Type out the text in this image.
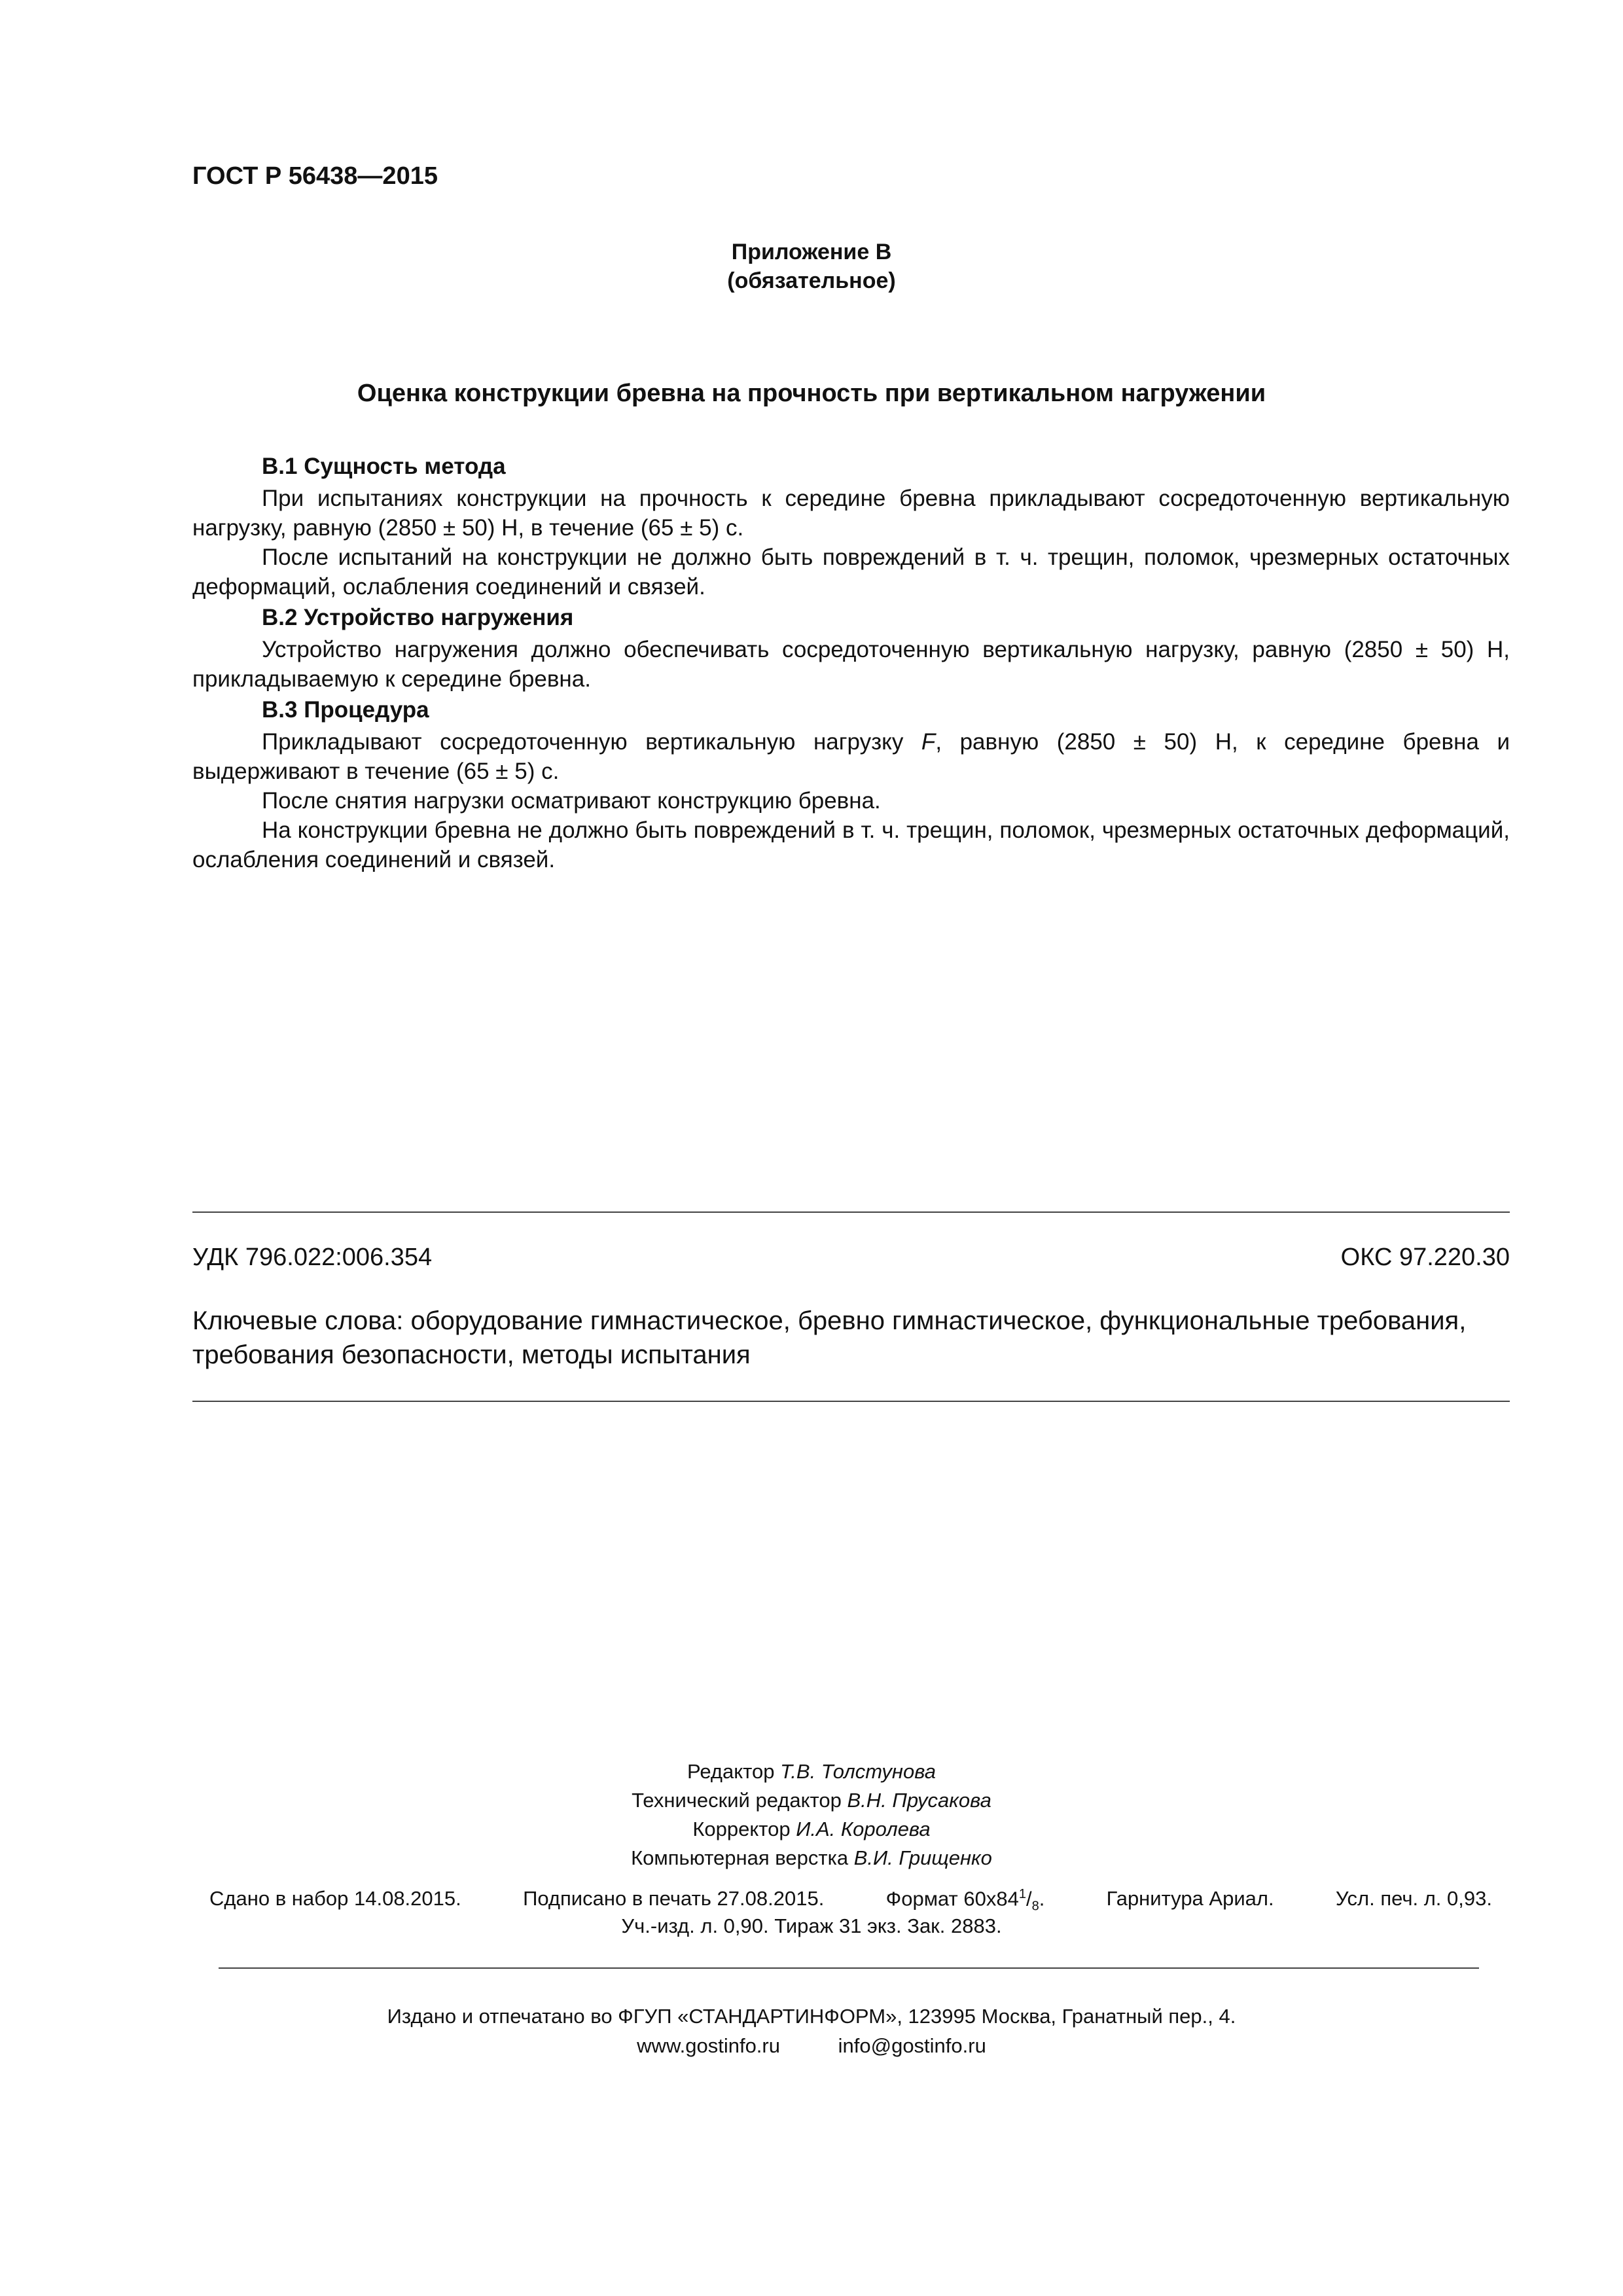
ГОСТ Р 56438—2015
Приложение В
(обязательное)
Оценка конструкции бревна на прочность при вертикальном нагружении
В.1 Сущность метода

При испытаниях конструкции на прочность к середине бревна прикладывают сосредоточенную вертикальную нагрузку, равную (2850 ± 50) Н, в течение (65 ± 5) с.

После испытаний на конструкции не должно быть повреждений в т. ч. трещин, поломок, чрезмерных остаточных деформаций, ослабления соединений и связей.

В.2 Устройство нагружения

Устройство нагружения должно обеспечивать сосредоточенную вертикальную нагрузку, равную (2850 ± 50) Н, прикладываемую к середине бревна.

В.3 Процедура

Прикладывают сосредоточенную вертикальную нагрузку F, равную (2850 ± 50) Н, к середине бревна и выдерживают в течение (65 ± 5) с.

После снятия нагрузки осматривают конструкцию бревна.

На конструкции бревна не должно быть повреждений в т. ч. трещин, поломок, чрезмерных остаточных деформаций, ослабления соединений и связей.

УДК 796.022:006.354	ОКС 97.220.30
Ключевые слова: оборудование гимнастическое, бревно гимнастическое, функциональные требования, требования безопасности, методы испытания
Редактор Т.В. Толстунова
Технический редактор В.Н. Прусакова
Корректор И.А. Королева
Компьютерная верстка В.И. Грищенко
Сдано в набор 14.08.2015.	Подписано в печать 27.08.2015.	Формат $60x84^1/_8$.	Гарнитура Ариал.	Усл. печ. л. 0,93.
Уч.-изд. л. 0,90. Тираж 31 экз. Зак. 2883.
Издано и отпечатано во ФГУП «СТАНДАРТИНФОРМ», 123995 Москва, Гранатный пер., 4.
www.gostinfo.ru	info@gostinfo.ru
